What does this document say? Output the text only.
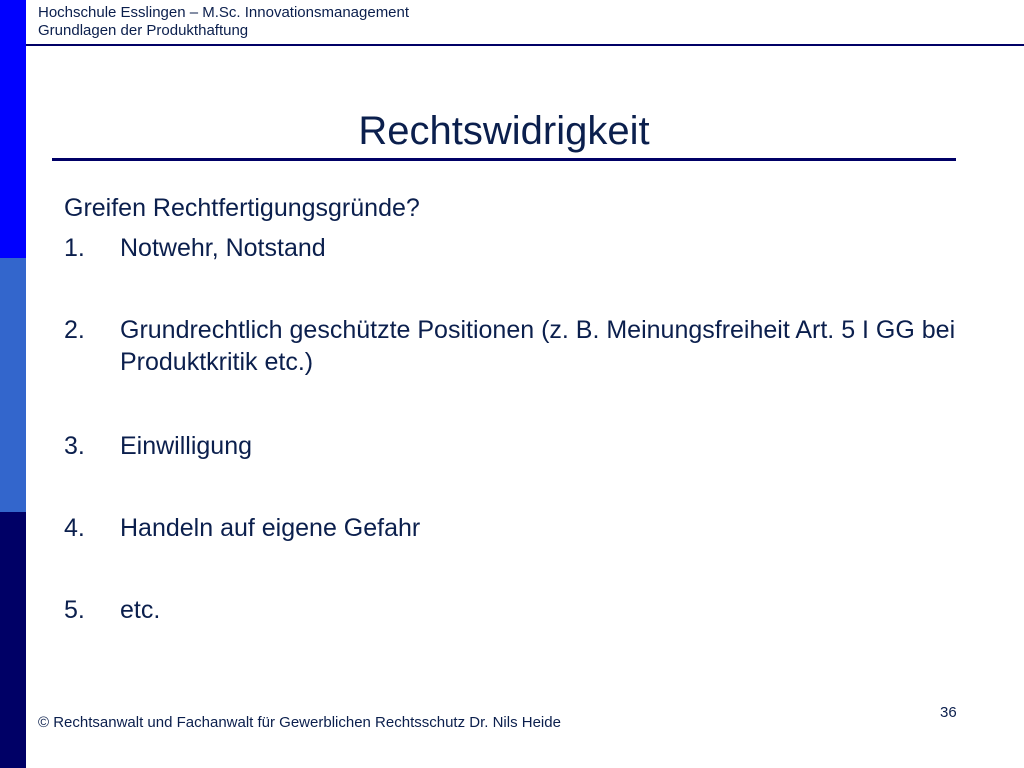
Hochschule Esslingen – M.Sc. Innovationsmanagement
Grundlagen der Produkthaftung
Rechtswidrigkeit
Greifen Rechtfertigungsgründe?
1. Notwehr, Notstand
2. Grundrechtlich geschützte Positionen (z. B. Meinungsfreiheit Art. 5 I GG bei Produktkritik etc.)
3. Einwilligung
4. Handeln auf eigene Gefahr
5. etc.
36
© Rechtsanwalt und Fachanwalt für Gewerblichen Rechtsschutz Dr. Nils Heide
